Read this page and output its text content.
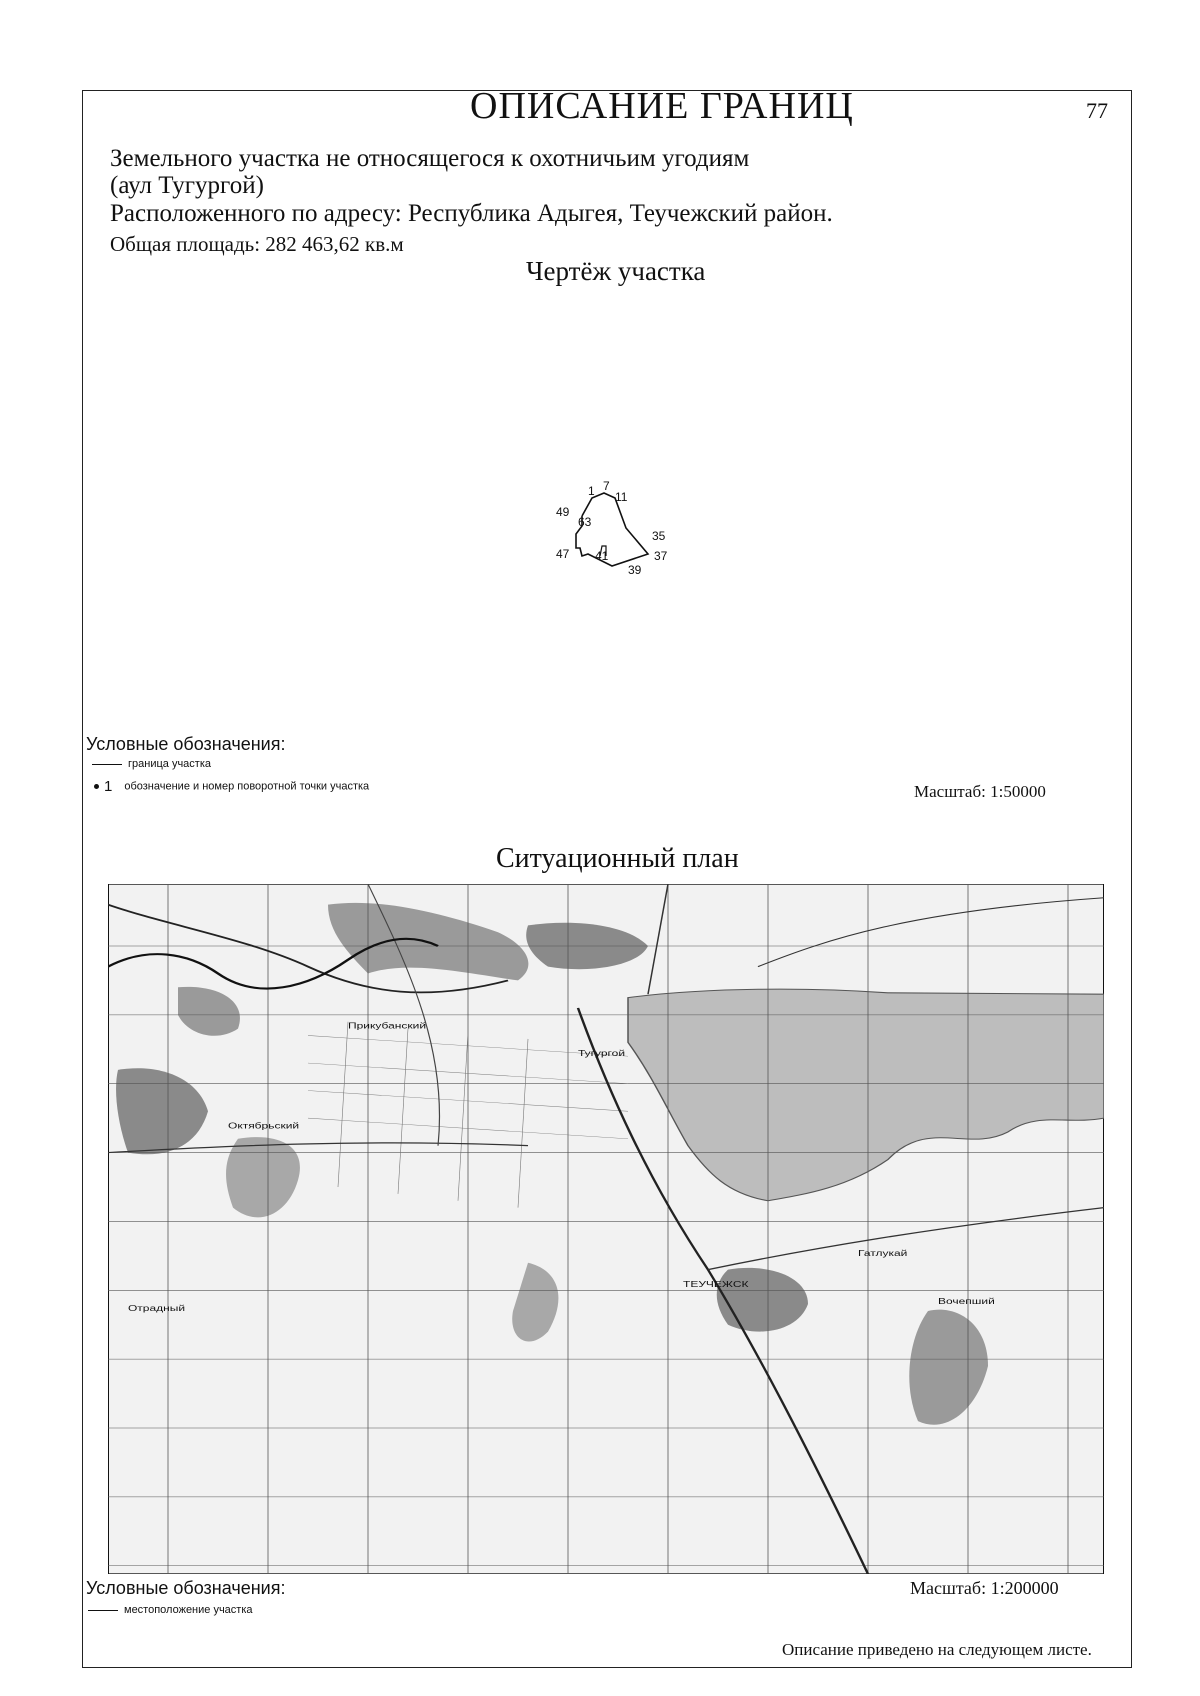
ОПИСАНИЕ ГРАНИЦ	77
Земельного участка не относящегося к охотничьим угодиям
(аул Тугургой)
Расположенного по адресу: Республика Адыгея, Теучежский район.
Общая площадь: 282 463,62 кв.м
Чертёж участка
1 7
11
49
63
35
47 41	37
39
Условные обозначения:
граница участка
1 обозначение и номер поворотной точки участка	Масштаб: 1:50000
Ситуационный план
ТЕУЧЕЖСК
Октябрьский
Прикубанский
Тугургой
Гатлукай
Вочепший
Отрадный
Условные обозначения:	Масштаб: 1:200000
местоположение участка
Описание приведено на следующем листе.
